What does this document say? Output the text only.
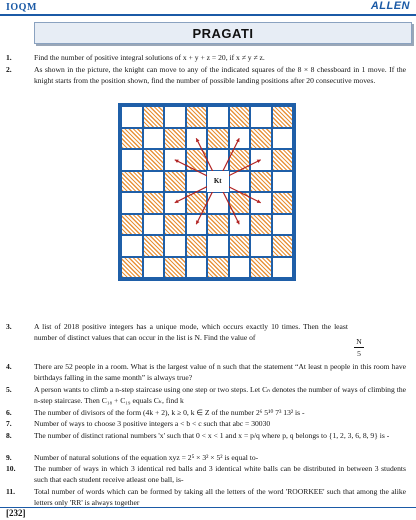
IOQM	ALLEN
PRAGATI
1.	Find the number of positive integral solutions of x + y + z = 20, if x ≠ y ≠ z.
2.	As shown in the picture, the knight can move to any of the indicated squares of the 8 × 8 chessboard in 1 move. If the knight starts from the position shown, find the number of possible landing positions after 20 consecutive moves.
Kt
3.	A list of 2018 positive integers has a unique mode, which occurs exactly 10 times. Then the least number of distinct values that can occur in the list is N. Find the value of	N
5
4.	There are 52 people in a room. What is the largest value of n such that the statement “At least n people in this room have birthdays falling in the same month” is always true?
5.	A person wants to climb a n-step staircase using one step or two steps. Let Cₙ denotes the number of ways of climbing the n-step staircase. Then C₁₈ + C₁₉ equals Cₖ, find k
6.	The number of divisors of the form (4k + 2), k ≥ 0, k ∈ Z of the number 2⁶ 5¹⁰ 7³ 13² is -
7.	Number of ways to choose 3 positive integers a < b < c such that abc = 30030
8.	The number of distinct rational numbers 'x' such that 0 < x < 1 and x = p/q where p, q belongs to {1, 2, 3, 6, 8, 9} is -
9.	Number of natural solutions of the equation xyz = 2⁵ × 3² × 5² is equal to-
10.	The number of ways in which 3 identical red balls and 3 identical white balls can be distributed in between 3 students such that each student receive atleast one ball, is-
11.	Total number of words which can be formed by taking all the letters of the word 'ROORKEE' such that among the alike letters only 'RR' is always together
[232]
